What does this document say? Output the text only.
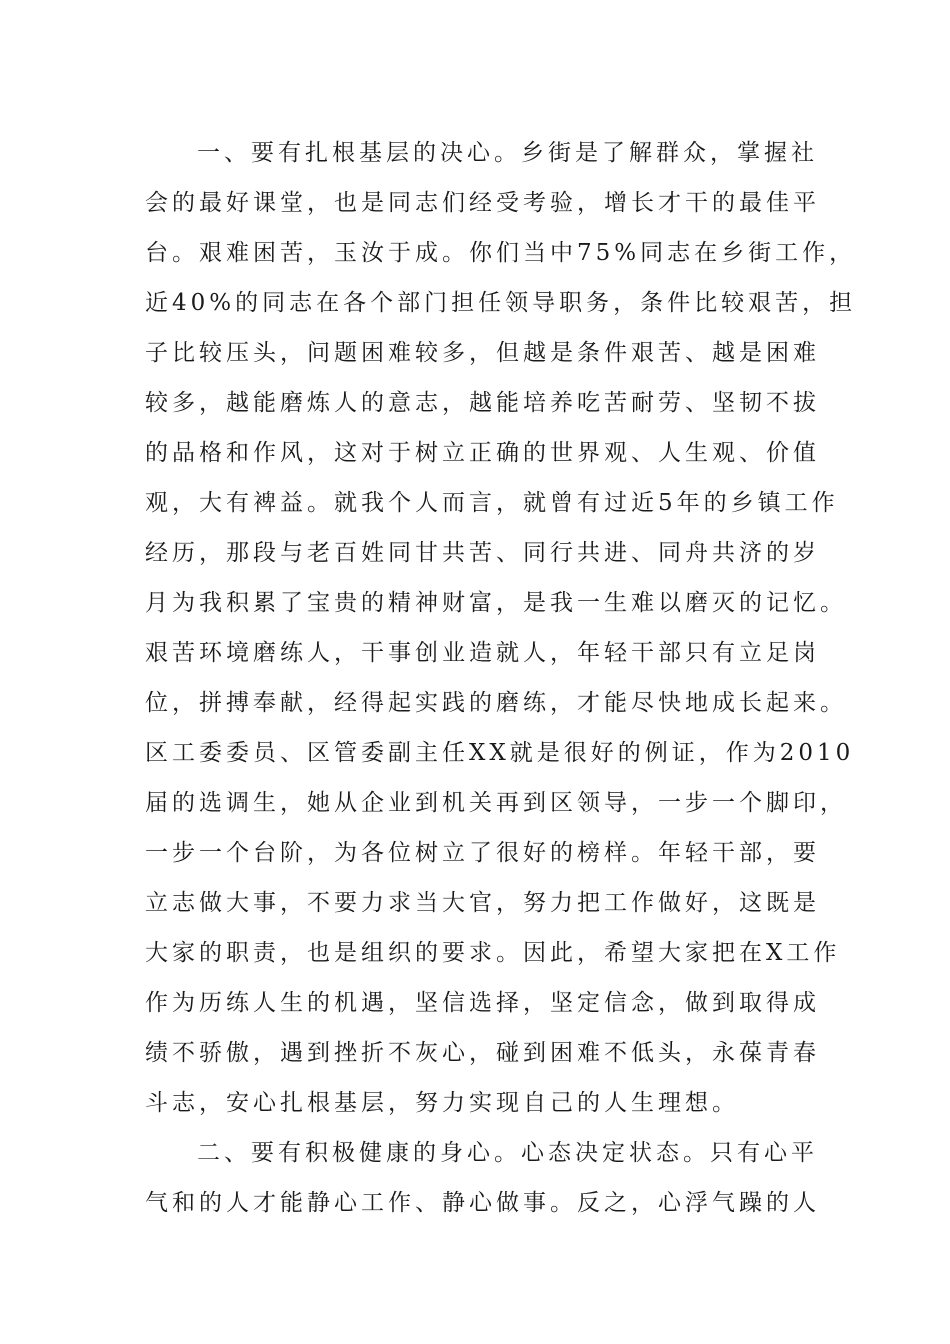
一、要有扎根基层的决心。乡街是了解群众，掌握社
会的最好课堂，也是同志们经受考验，增长才干的最佳平
台。艰难困苦，玉汝于成。你们当中75%同志在乡街工作，
近40%的同志在各个部门担任领导职务，条件比较艰苦，担
子比较压头，问题困难较多，但越是条件艰苦、越是困难
较多，越能磨炼人的意志，越能培养吃苦耐劳、坚韧不拔
的品格和作风，这对于树立正确的世界观、人生观、价值
观，大有裨益。就我个人而言，就曾有过近5年的乡镇工作
经历，那段与老百姓同甘共苦、同行共进、同舟共济的岁
月为我积累了宝贵的精神财富，是我一生难以磨灭的记忆。
艰苦环境磨练人，干事创业造就人，年轻干部只有立足岗
位，拼搏奉献，经得起实践的磨练，才能尽快地成长起来。
区工委委员、区管委副主任XX就是很好的例证，作为2010
届的选调生，她从企业到机关再到区领导，一步一个脚印，
一步一个台阶，为各位树立了很好的榜样。年轻干部，要
立志做大事，不要力求当大官，努力把工作做好，这既是
大家的职责，也是组织的要求。因此，希望大家把在X工作
作为历练人生的机遇，坚信选择，坚定信念，做到取得成
绩不骄傲，遇到挫折不灰心，碰到困难不低头，永葆青春
斗志，安心扎根基层，努力实现自己的人生理想。
二、要有积极健康的身心。心态决定状态。只有心平
气和的人才能静心工作、静心做事。反之，心浮气躁的人
